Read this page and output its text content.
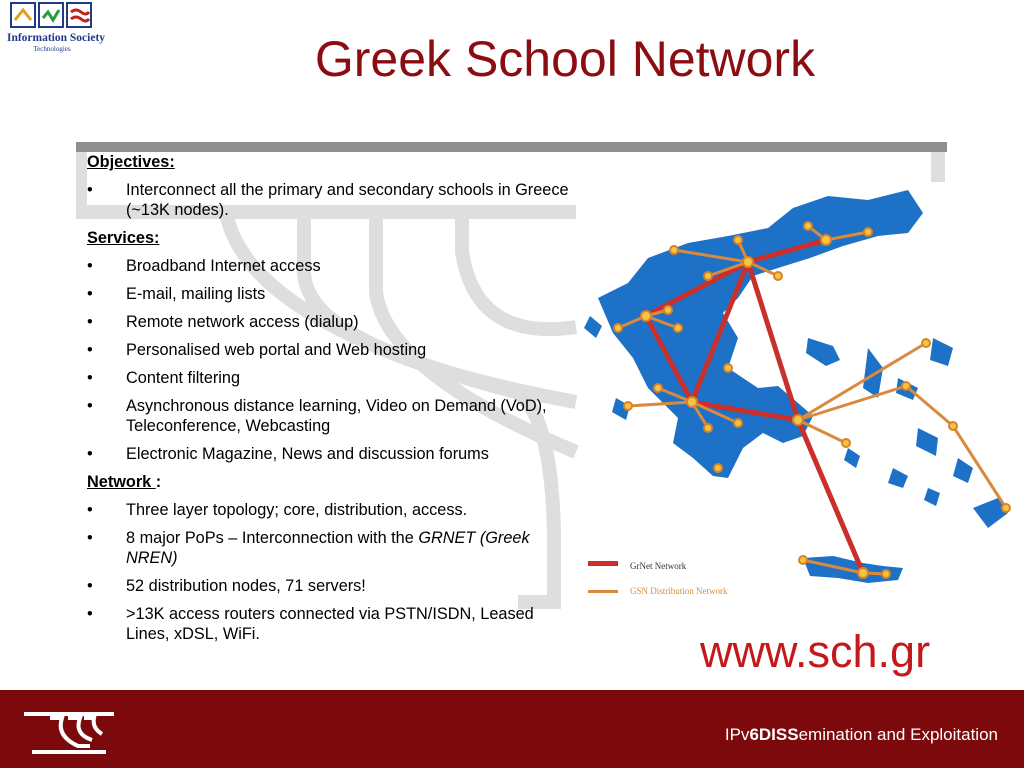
Information Society
Technologies	Greek School Network
Objectives:
• Interconnect all the primary and secondary schools in Greece (~13K nodes).
Services:
• Broadband Internet access
• E-mail, mailing lists
• Remote network access (dialup)
• Personalised web portal and Web hosting
• Content filtering
• Asynchronous distance learning, Video on Demand (VoD), Teleconference, Webcasting
• Electronic Magazine, News and discussion forums
Network :
• Three layer topology; core, distribution, access.
• 8 major PoPs – Interconnection with the GRNET (Greek NREN)
• 52 distribution nodes, 71 servers!
• >13K access routers connected via PSTN/ISDN, Leased Lines, xDSL, WiFi.
GrNet Network
GSN Distribution Network
www.sch.gr
IPv6DISSemination and Exploitation
